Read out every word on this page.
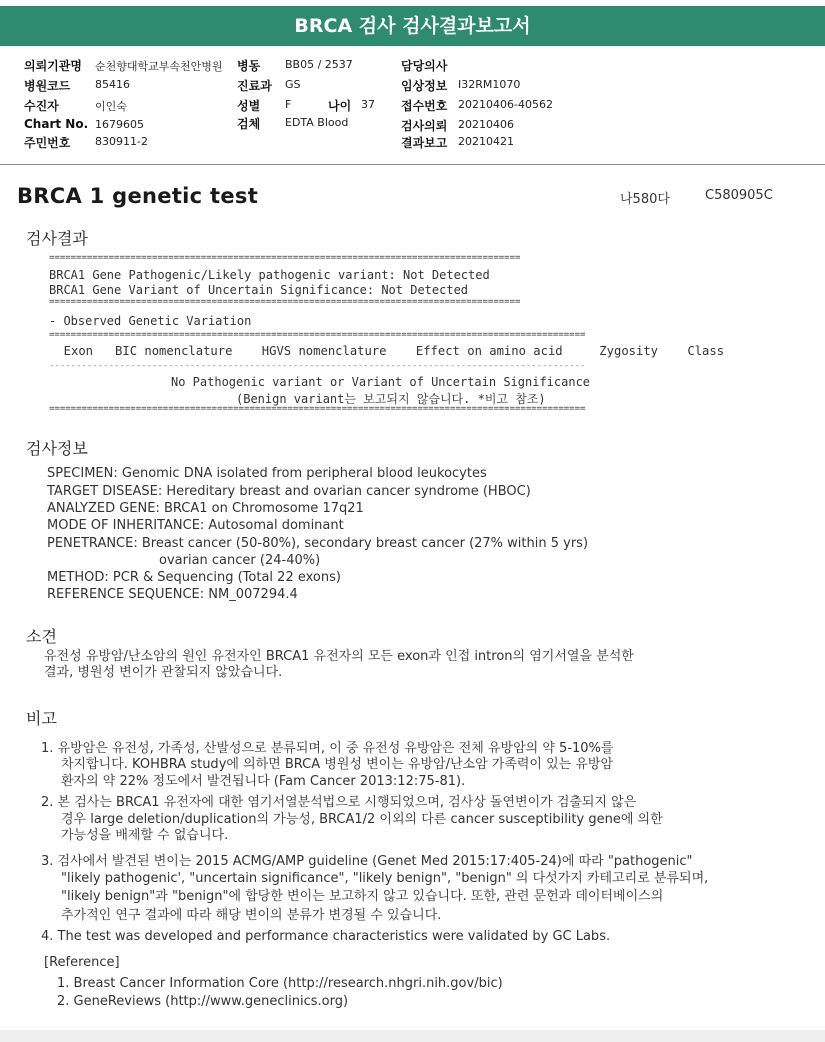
BRCA 검사 검사결과보고서
의뢰기관명 순천향대학교부속천안병원 병동 BB05 / 2537	담당의사
병원코드 85416	진료과 GS	임상정보 I32RM1070
수진자	이인숙	성별 F	나이 37 접수번호 20210406-40562
Chart No. 1679605	검체 EDTA Blood	검사의뢰 20210406
주민번호 830911-2	결과보고 20210421
BRCA 1 genetic test	나580다	C580905C
검사결과
=======================================================================================
BRCA1 Gene Pathogenic/Likely pathogenic variant: Not Detected
BRCA1 Gene Variant of Uncertain Significance: Not Detected
=======================================================================================
- Observed Genetic Variation
===================================================================================================
Exon   BIC nomenclature    HGVS nomenclature    Effect on amino acid     Zygosity    Class
---------------------------------------------------------------------------------------------------
No Pathogenic variant or Variant of Uncertain Significance
(Benign variant는 보고되지 않습니다. *비고 참조)
===================================================================================================
검사정보
SPECIMEN: Genomic DNA isolated from peripheral blood leukocytes
TARGET DISEASE: Hereditary breast and ovarian cancer syndrome (HBOC)
ANALYZED GENE: BRCA1 on Chromosome 17q21
MODE OF INHERITANCE: Autosomal dominant
PENETRANCE: Breast cancer (50-80%), secondary breast cancer (27% within 5 yrs)
ovarian cancer (24-40%)
METHOD: PCR & Sequencing (Total 22 exons)
REFERENCE SEQUENCE: NM_007294.4
소견
유전성 유방암/난소암의 원인 유전자인 BRCA1 유전자의 모든 exon과 인접 intron의 염기서열을 분석한
결과, 병원성 변이가 관찰되지 않았습니다.
비고
1. 유방암은 유전성, 가족성, 산발성으로 분류되며, 이 중 유전성 유방암은 전체 유방암의 약 5-10%를
차지합니다. KOHBRA study에 의하면 BRCA 병원성 변이는 유방암/난소암 가족력이 있는 유방암
환자의 약 22% 정도에서 발견됩니다 (Fam Cancer 2013:12:75-81).
2. 본 검사는 BRCA1 유전자에 대한 염기서열분석법으로 시행되었으며, 검사상 돌연변이가 검출되지 않은
경우 large deletion/duplication의 가능성, BRCA1/2 이외의 다른 cancer susceptibility gene에 의한
가능성을 배제할 수 없습니다.
3. 검사에서 발견된 변이는 2015 ACMG/AMP guideline (Genet Med 2015:17:405-24)에 따라 "pathogenic"
"likely pathogenic', "uncertain significance", "likely benign", "benign" 의 다섯가지 카테고리로 분류되며,
"likely benign"과 "benign"에 합당한 변이는 보고하지 않고 있습니다. 또한, 관련 문헌과 데이터베이스의
추가적인 연구 결과에 따라 해당 변이의 분류가 변경될 수 있습니다.
4. The test was developed and performance characteristics were validated by GC Labs.
[Reference]
1. Breast Cancer Information Core (http://research.nhgri.nih.gov/bic)
2. GeneReviews (http://www.geneclinics.org)
